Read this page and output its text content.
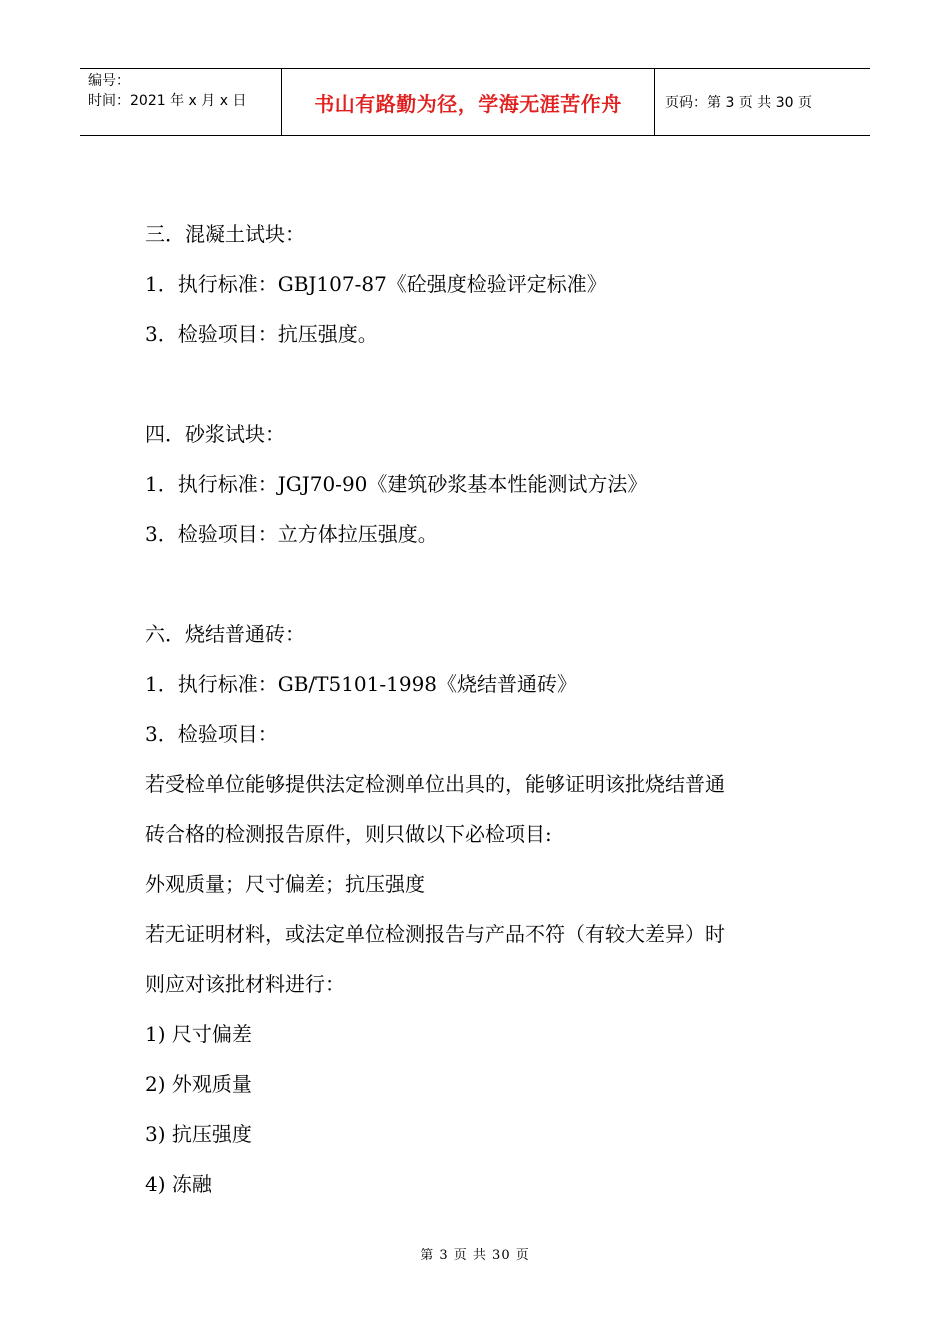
编号：
时间：2021 年 x 月 x 日	书山有路勤为径，学海无涯苦作舟	页码：第 3 页 共 30 页
三．混凝土试块：
1．执行标准：GBJ107-87《砼强度检验评定标准》
3．检验项目：抗压强度。
四．砂浆试块：
1．执行标准：JGJ70-90《建筑砂浆基本性能测试方法》
3．检验项目：立方体拉压强度。
六．烧结普通砖：
1．执行标准：GB/T5101-1998《烧结普通砖》
3．检验项目：
若受检单位能够提供法定检测单位出具的，能够证明该批烧结普通
砖合格的检测报告原件，则只做以下必检项目:
外观质量；尺寸偏差；抗压强度
若无证明材料，或法定单位检测报告与产品不符（有较大差异）时
则应对该批材料进行：
1) 尺寸偏差
2) 外观质量
3) 抗压强度
4) 冻融
第 3 页 共 30 页
